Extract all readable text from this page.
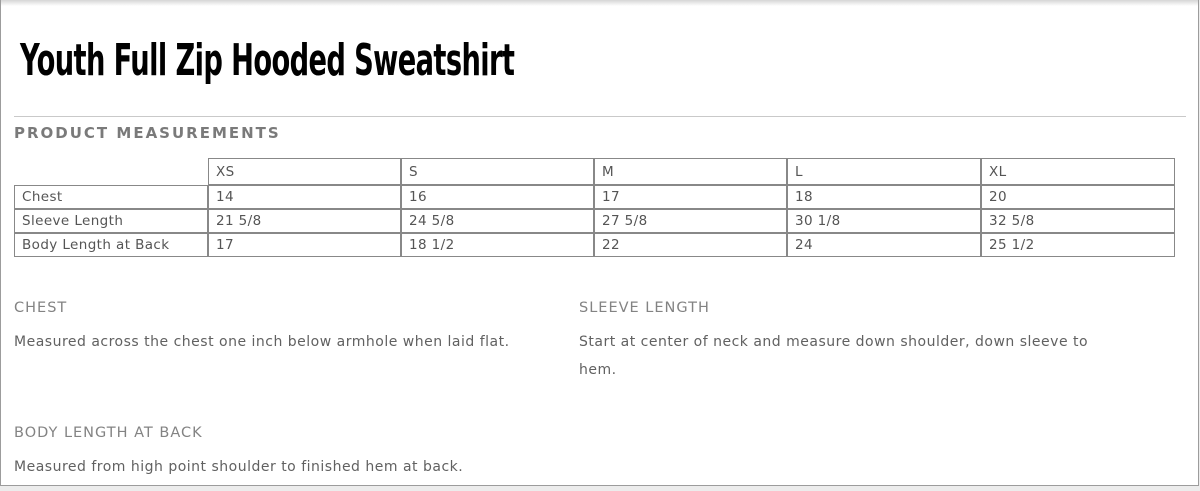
Youth Full Zip Hooded Sweatshirt
PRODUCT MEASUREMENTS
	XS	S	M	L	XL
Chest	14	16	17	18	20
Sleeve Length	21 5/8	24 5/8	27 5/8	30 1/8	32 5/8
Body Length at Back	17	18 1/2	22	24	25 1/2
CHEST

Measured across the chest one inch below armhole when laid flat.

SLEEVE LENGTH

Start at center of neck and measure down shoulder, down sleeve to hem.

BODY LENGTH AT BACK

Measured from high point shoulder to finished hem at back.
